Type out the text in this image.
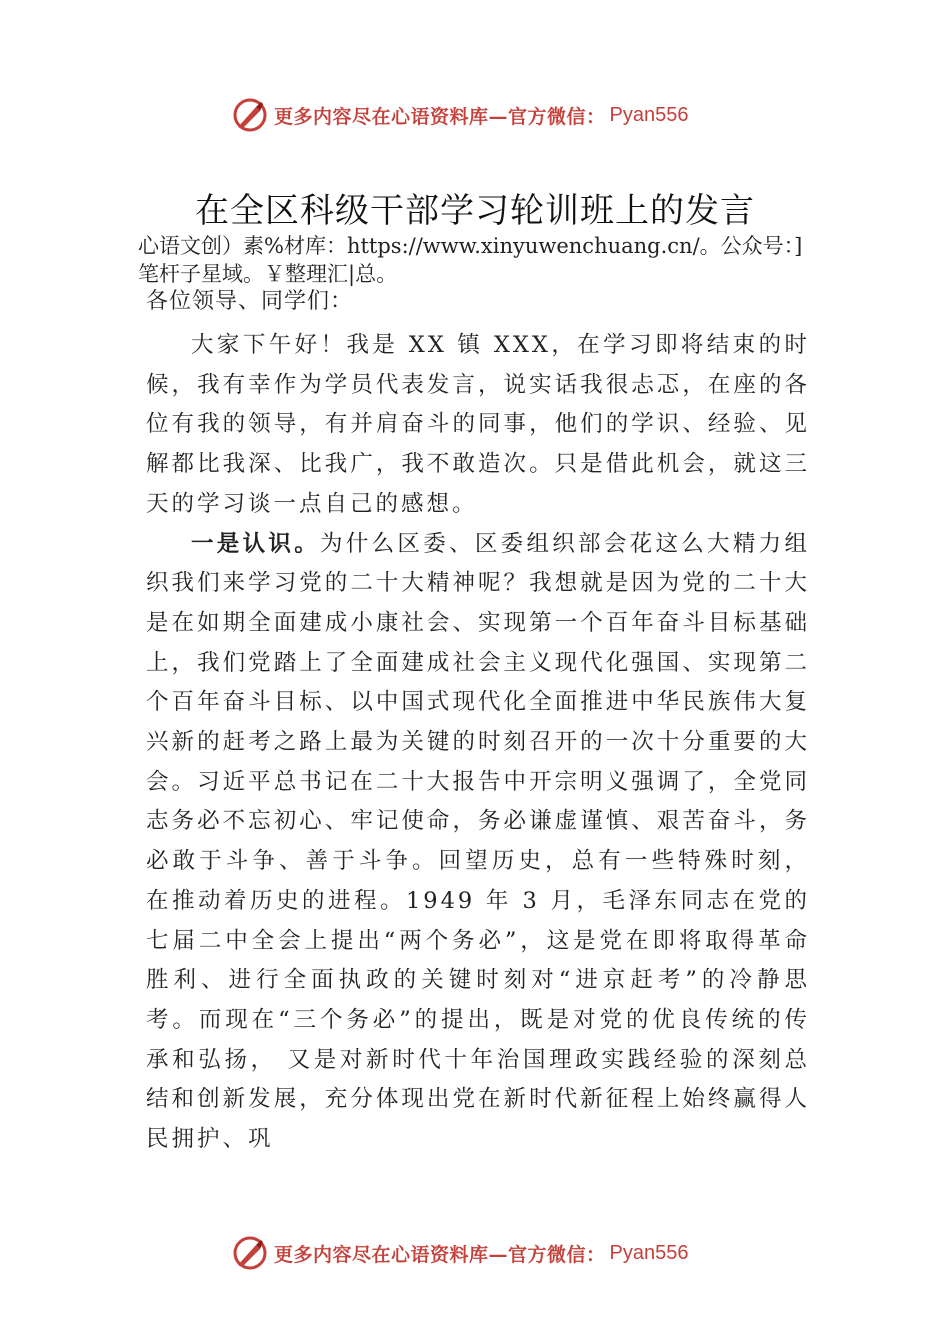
更多内容尽在心语资料库—官方微信： Pyan556
在全区科级干部学习轮训班上的发言
心语文创）素%材库：https://www.xinyuwenchuang.cn/。公众号：]笔杆子星域。￥整理汇|总。
各位领导、同学们：

大家下午好！我是 XX 镇 XXX，在学习即将结束的时候，我有幸作为学员代表发言，说实话我很忐忑，在座的各位有我的领导，有并肩奋斗的同事，他们的学识、经验、见解都比我深、比我广，我不敢造次。只是借此机会，就这三天的学习谈一点自己的感想。

一是认识。为什么区委、区委组织部会花这么大精力组织我们来学习党的二十大精神呢？我想就是因为党的二十大是在如期全面建成小康社会、实现第一个百年奋斗目标基础上，我们党踏上了全面建成社会主义现代化强国、实现第二个百年奋斗目标、以中国式现代化全面推进中华民族伟大复兴新的赶考之路上最为关键的时刻召开的一次十分重要的大会。习近平总书记在二十大报告中开宗明义强调了，全党同志务必不忘初心、牢记使命，务必谦虚谨慎、艰苦奋斗，务必敢于斗争、善于斗争。回望历史，总有一些特殊时刻， 在推动着历史的进程。1949 年 3 月，毛泽东同志在党的七届二中全会上提出“两个务必”，这是党在即将取得革命胜利、进行全面执政的关键时刻对“进京赶考”的冷静思考。而现在“三个务必”的提出，既是对党的优良传统的传承和弘扬， 又是对新时代十年治国理政实践经验的深刻总结和创新发展，充分体现出党在新时代新征程上始终赢得人民拥护、巩

更多内容尽在心语资料库—官方微信： Pyan556
